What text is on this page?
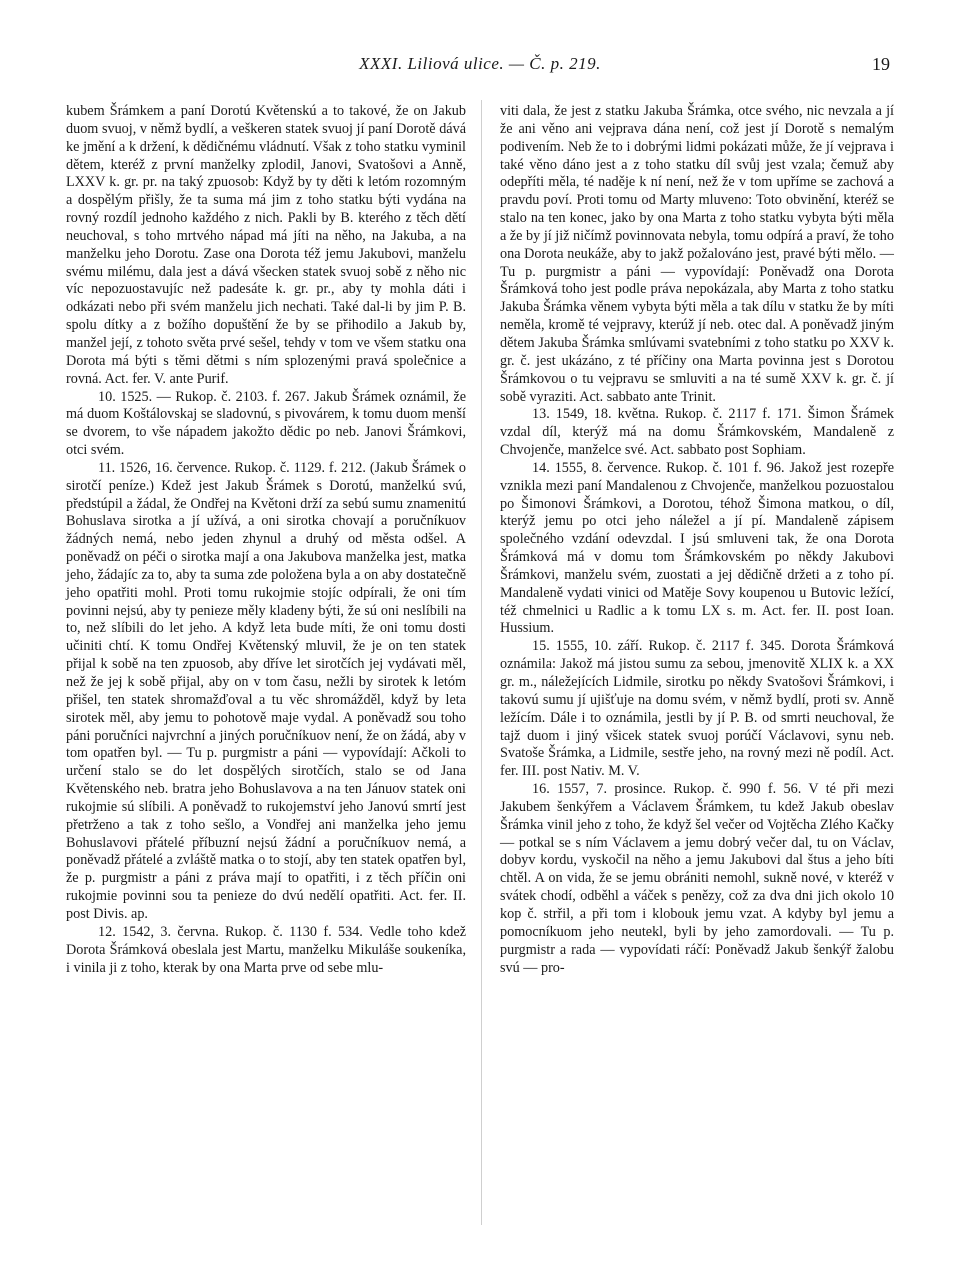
XXXI. Liliová ulice. — Č. p. 219.	19

kubem Šrámkem a paní Dorotú Květenskú a to takové, že on Jakub duom svuoj, v němž bydlí, a veškeren statek svuoj jí paní Dorotě dává ke jmění a k držení, k dědičnému vládnutí. Však z toho statku vyminil dětem, kteréž z první manželky zplodil, Janovi, Svatošovi a Anně, LXXV k. gr. pr. na taký zpuosob: Když by ty děti k letóm rozomným a dospělým přišly, že ta suma má jim z toho statku býti vydána na rovný rozdíl jednoho každého z nich. Pakli by B. kterého z těch dětí neuchoval, s toho mrtvého nápad má jíti na něho, na Jakuba, a na manželku jeho Dorotu. Zase ona Dorota též jemu Jakubovi, manželu svému milému, dala jest a dává všecken statek svuoj sobě z něho nic víc nepozuostavujíc než padesáte k. gr. pr., aby ty mohla dáti i odkázati nebo při svém manželu jich nechati. Také dal-li by jim P. B. spolu dítky a z božího dopuštění že by se přihodilo a Jakub by, manžel její, z tohoto světa prvé sešel, tehdy v tom ve všem statku ona Dorota má býti s těmi dětmi s ním splozenými pravá společnice a rovná. Act. fer. V. ante Purif.

10. 1525. — Rukop. č. 2103. f. 267. Jakub Šrámek oznámil, že má duom Koštálovskaj se sladovnú, s pivovárem, k tomu duom menší se dvorem, to vše nápadem jakožto dědic po neb. Janovi Šrámkovi, otci svém.

11. 1526, 16. července. Rukop. č. 1129. f. 212. (Jakub Šrámek o sirotčí peníze.) Kdež jest Jakub Šrámek s Dorotú, manželkú svú, předstúpil a žádal, že Ondřej na Květoni drží za sebú sumu znamenitú Bohuslava sirotka a jí užívá, a oni sirotka chovají a poručníkuov žádných nemá, nebo jeden zhynul a druhý od města odšel. A poněvadž on péči o sirotka mají a ona Jakubova manželka jest, matka jeho, žádajíc za to, aby ta suma zde položena byla a on aby dostatečně jeho opatřiti mohl. Proti tomu rukojmie stojíc odpírali, že oni tím povinni nejsú, aby ty penieze měly kladeny býti, že sú oni neslíbili na to, než slíbili do let jeho. A když leta bude míti, že oni tomu dosti učiniti chtí. K tomu Ondřej Květenský mluvil, že je on ten statek přijal k sobě na ten zpuosob, aby dříve let sirotčích jej vydávati měl, než že jej k sobě přijal, aby on v tom času, nežli by sirotek k letóm přišel, ten statek shromažďoval a tu věc shromážděl, když by leta sirotek měl, aby jemu to pohotově maje vydal. A poněvadž sou toho páni poručníci najvrchní a jiných poručníkuov není, že on žádá, aby v tom opatřen byl. — Tu p. purgmistr a páni — vypovídají: Ačkoli to určení stalo se do let dospělých sirotčích, stalo se od Jana Květenského neb. bratra jeho Bohuslavova a na ten Jánuov statek oni rukojmie sú slíbili. A poněvadž to rukojemství jeho Janovú smrtí jest přetrženo a tak z toho sešlo, a Vondřej ani manželka jeho jemu Bohuslavovi přátelé příbuzní nejsú žádní a poručníkuov nemá, a poněvadž přátelé a zvláště matka o to stojí, aby ten statek opatřen byl, že p. purgmistr a páni z práva mají to opatřiti, i z těch příčin oni rukojmie povinni sou ta penieze do dvú nedělí opatřiti. Act. fer. II. post Divis. ap.

12. 1542, 3. června. Rukop. č. 1130 f. 534. Vedle toho kdež Dorota Šrámková obeslala jest Martu, manželku Mikuláše soukeníka, i vinila ji z toho, kterak by ona Marta prve od sebe mlu-

viti dala, že jest z statku Jakuba Šrámka, otce svého, nic nevzala a jí že ani věno ani vejprava dána není, což jest jí Dorotě s nemalým podivením. Neb že to i dobrými lidmi pokázati může, že jí vejprava i také věno dáno jest a z toho statku díl svůj jest vzala; čemuž aby odepříti měla, té naděje k ní není, než že v tom upříme se zachová a pravdu poví. Proti tomu od Marty mluveno: Toto obvinění, kteréž se stalo na ten konec, jako by ona Marta z toho statku vybyta býti měla a že by jí již ničímž povinnovata nebyla, tomu odpírá a praví, že toho ona Dorota neukáže, aby to jakž požalováno jest, pravé býti mělo. — Tu p. purgmistr a páni — vypovídají: Poněvadž ona Dorota Šrámková toho jest podle práva nepokázala, aby Marta z toho statku Jakuba Šrámka věnem vybyta býti měla a tak dílu v statku že by míti neměla, kromě té vejpravy, kterúž jí neb. otec dal. A poněvadž jiným dětem Jakuba Šrámka smlúvami svatebními z toho statku po XXV k. gr. č. jest ukázáno, z té příčiny ona Marta povinna jest s Dorotou Šrámkovou o tu vejpravu se smluviti a na té sumě XXV k. gr. č. jí sobě vyraziti. Act. sabbato ante Trinit.

13. 1549, 18. května. Rukop. č. 2117 f. 171. Šimon Šrámek vzdal díl, kterýž má na domu Šrámkovském, Mandaleně z Chvojenče, manželce své. Act. sabbato post Sophiam.

14. 1555, 8. července. Rukop. č. 101 f. 96. Jakož jest rozepře vznikla mezi paní Mandalenou z Chvojenče, manželkou pozuostalou po Šimonovi Šrámkovi, a Dorotou, téhož Šimona matkou, o díl, kterýž jemu po otci jeho náležel a jí pí. Mandaleně zápisem společného vzdání odevzdal. I jsú smluveni tak, že ona Dorota Šrámková má v domu tom Šrámkovském po někdy Jakubovi Šrámkovi, manželu svém, zuostati a jej dědičně držeti a z toho pí. Mandaleně vydati vinici od Matěje Sovy koupenou u Butovic ležící, též chmelnici u Radlic a k tomu LX s. m. Act. fer. II. post Ioan. Hussium.

15. 1555, 10. září. Rukop. č. 2117 f. 345. Dorota Šrámková oznámila: Jakož má jistou sumu za sebou, jmenovitě XLIX k. a XX gr. m., náležejících Lidmile, sirotku po někdy Svatošovi Šrámkovi, i takovú sumu jí ujišťuje na domu svém, v němž bydlí, proti sv. Anně ležícím. Dále i to oznámila, jestli by jí P. B. od smrti neuchoval, že tajž duom i jiný všicek statek svuoj porúčí Václavovi, synu neb. Svatoše Šrámka, a Lidmile, sestře jeho, na rovný mezi ně podíl. Act. fer. III. post Nativ. M. V.

16. 1557, 7. prosince. Rukop. č. 990 f. 56. V té při mezi Jakubem šenkýřem a Václavem Šrámkem, tu kdež Jakub obeslav Šrámka vinil jeho z toho, že když šel večer od Vojtěcha Zlého Kačky — potkal se s ním Václavem a jemu dobrý večer dal, tu on Václav, dobyv kordu, vyskočil na něho a jemu Jakubovi dal štus a jeho bíti chtěl. A on vida, že se jemu obrániti nemohl, sukně nové, v kteréž v svátek chodí, odběhl a váček s penězy, což za dva dni jich okolo 10 kop č. strřil, a při tom i klobouk jemu vzat. A kdyby byl jemu a pomocníkuom jeho neutekl, byli by jeho zamordovali. — Tu p. purgmistr a rada — vypovídati ráčí: Poněvadž Jakub šenkýř žalobu svú — pro-
